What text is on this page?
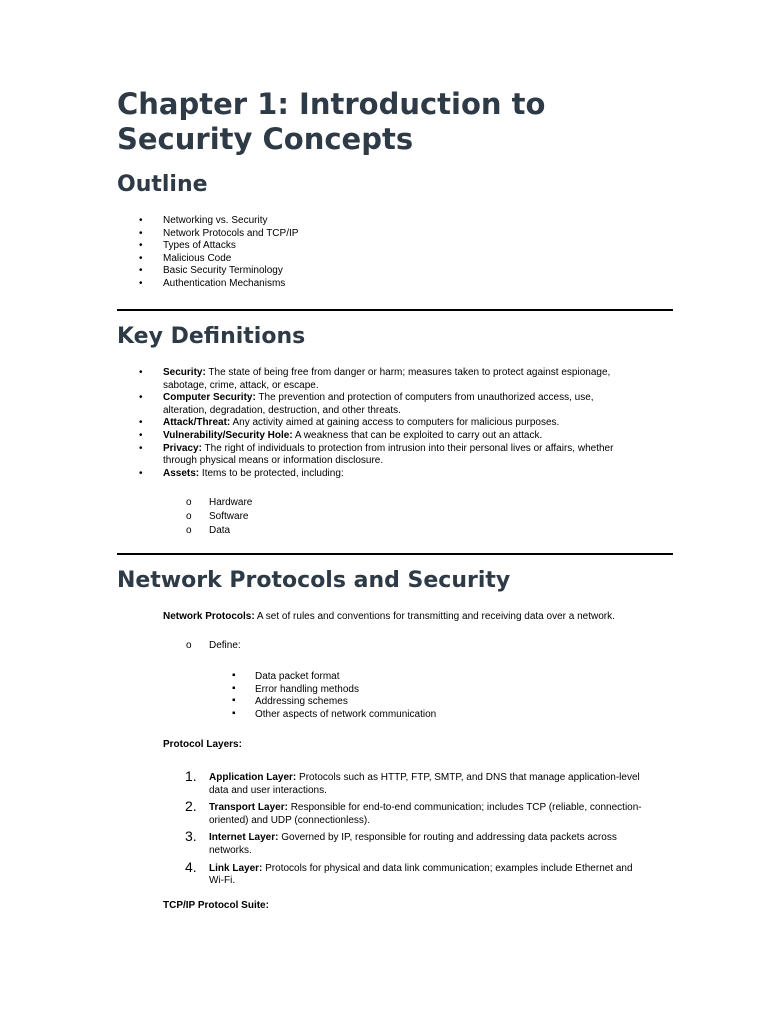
Chapter 1: Introduction to Security Concepts
Outline
• Networking vs. Security
• Network Protocols and TCP/IP
• Types of Attacks
• Malicious Code
• Basic Security Terminology
• Authentication Mechanisms
Key Definitions
• Security: The state of being free from danger or harm; measures taken to protect against espionage, sabotage, crime, attack, or escape.
• Computer Security: The prevention and protection of computers from unauthorized access, use, alteration, degradation, destruction, and other threats.
• Attack/Threat: Any activity aimed at gaining access to computers for malicious purposes.
• Vulnerability/Security Hole: A weakness that can be exploited to carry out an attack.
• Privacy: The right of individuals to protection from intrusion into their personal lives or affairs, whether through physical means or information disclosure.
• Assets: Items to be protected, including:
o Hardware
o Software
o Data
Network Protocols and Security

Network Protocols: A set of rules and conventions for transmitting and receiving data over a network.

o Define:
▪ Data packet format
▪ Error handling methods
▪ Addressing schemes
▪ Other aspects of network communication

Protocol Layers:

1. Application Layer: Protocols such as HTTP, FTP, SMTP, and DNS that manage application-level data and user interactions.
2. Transport Layer: Responsible for end-to-end communication; includes TCP (reliable, connection-oriented) and UDP (connectionless).
3. Internet Layer: Governed by IP, responsible for routing and addressing data packets across networks.
4. Link Layer: Protocols for physical and data link communication; examples include Ethernet and Wi-Fi.

TCP/IP Protocol Suite:
